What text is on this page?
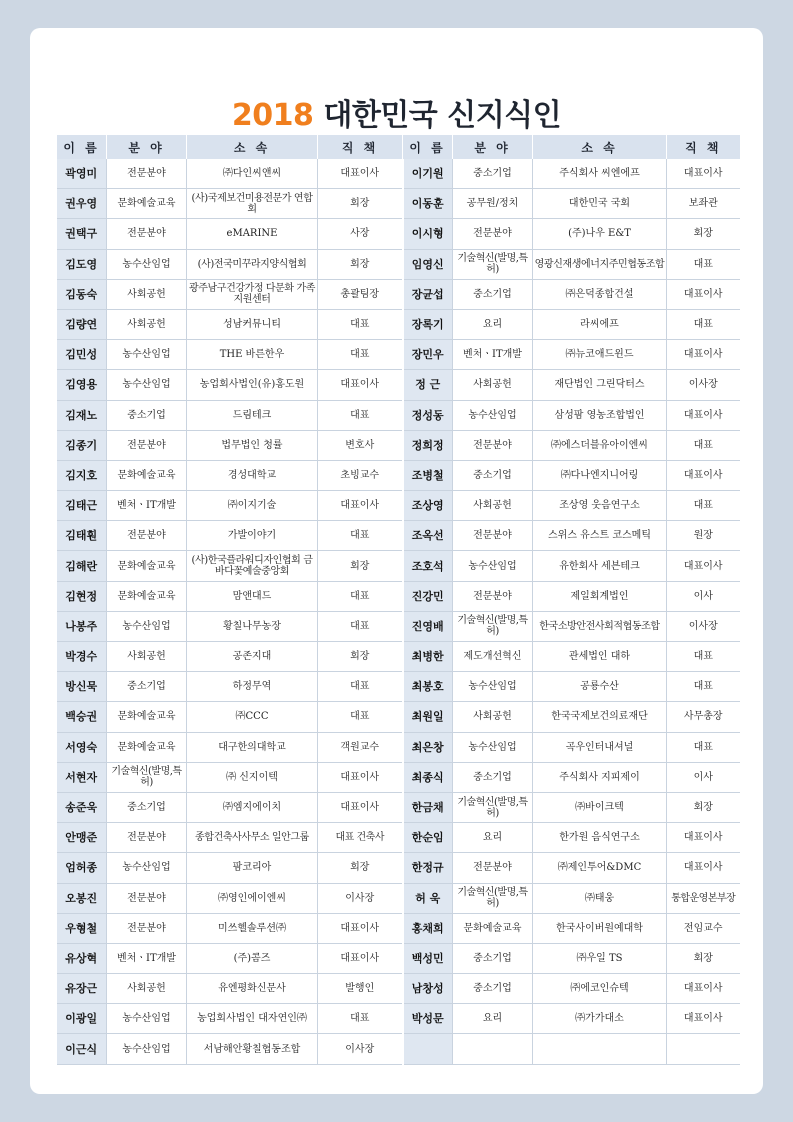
2018 대한민국 신지식인
이 름	분 야	소 속	직 책	이 름	분 야	소 속	직 책
곽영미	전문분야	㈜다인씨앤씨	대표이사	이기원	중소기업	주식회사 씨엔에프	대표이사
권우영	문화예술교육	(사)국제보건미용전문가 연합회	회장	이동훈	공무원/정치	대한민국 국회	보좌관
권택구	전문분야	eMARINE	사장	이시형	전문분야	(주)나우 E&T	회장
김도영	농수산임업	(사)전국미꾸라지양식협회	회장	임영신	기술혁신(발명,특허)	영광신재생에너지주민협동조합	대표
김동숙	사회공헌	광주남구건강가정 다문화 가족지원센터	총괄팀장	장균섭	중소기업	㈜은덕종합건설	대표이사
김량연	사회공헌	성남커뮤니티	대표	장록기	요리	라씨에프	대표
김민성	농수산임업	THE 바른한우	대표	장민우	벤처ㆍIT개발	㈜뉴코애드윈드	대표이사
김영용	농수산임업	농업회사법인(유)홍도원	대표이사	정 근	사회공헌	재단법인 그린닥터스	이사장
김재노	중소기업	드림테크	대표	정성동	농수산임업	삼성팜 영농조합법인	대표이사
김종기	전문분야	법무법인 청률	변호사	정희정	전문분야	㈜에스더블유아이엔씨	대표
김지호	문화예술교육	경성대학교	초빙교수	조병철	중소기업	㈜다나엔지니어링	대표이사
김태근	벤처ㆍIT개발	㈜이지기술	대표이사	조상영	사회공헌	조상영 웃음연구소	대표
김태훤	전문분야	가발이야기	대표	조옥선	전문분야	스위스 유스트 코스메틱	원장
김해란	문화예술교육	(사)한국플라워디자인협회 금바다꽃예술중앙회	회장	조호석	농수산임업	유한회사 세븐테크	대표이사
김현정	문화예술교육	맘앤대드	대표	진강민	전문분야	제일회계법인	이사
나봉주	농수산임업	황칠나무농장	대표	진영배	기술혁신(발명,특허)	한국소방안전사회적협동조합	이사장
박경수	사회공헌	공존지대	회장	최병한	제도개선혁신	관세법인 대하	대표
방신묵	중소기업	하정무역	대표	최봉호	농수산임업	공룡수산	대표
백승권	문화예술교육	㈜CCC	대표	최원일	사회공헌	한국국제보건의료재단	사무총장
서영숙	문화예술교육	대구한의대학교	객원교수	최은창	농수산임업	곡우인터내셔널	대표
서현자	기술혁신(발명,특허)	㈜ 신지이텍	대표이사	최종식	중소기업	주식회사 지피제이	이사
송준욱	중소기업	㈜엠지에이치	대표이사	한금채	기술혁신(발명,특허)	㈜바이크텍	회장
안맹준	전문분야	종합건축사사무소 일안그룹	대표 건축사	한순임	요리	한가원 음식연구소	대표이사
엄허종	농수산임업	팜코리아	회장	한정규	전문분야	㈜제인투어&DMC	대표이사
오봉진	전문분야	㈜영인에이엔씨	이사장	허 욱	기술혁신(발명,특허)	㈜태웅	통합운영본부장
우형철	전문분야	미쓰헬솔루션㈜	대표이사	홍채희	문화예술교육	한국사이버원예대학	전임교수
유상혁	벤처ㆍIT개발	(주)콤즈	대표이사	백성민	중소기업	㈜우일 TS	회장
유장근	사회공헌	유엔평화신문사	발행인	남창성	중소기업	㈜에코인슈텍	대표이사
이광일	농수산임업	농업회사법인 대자연인㈜	대표	박성문	요리	㈜가가대소	대표이사
이근식	농수산임업	서남해안황칠협동조합	이사장				
